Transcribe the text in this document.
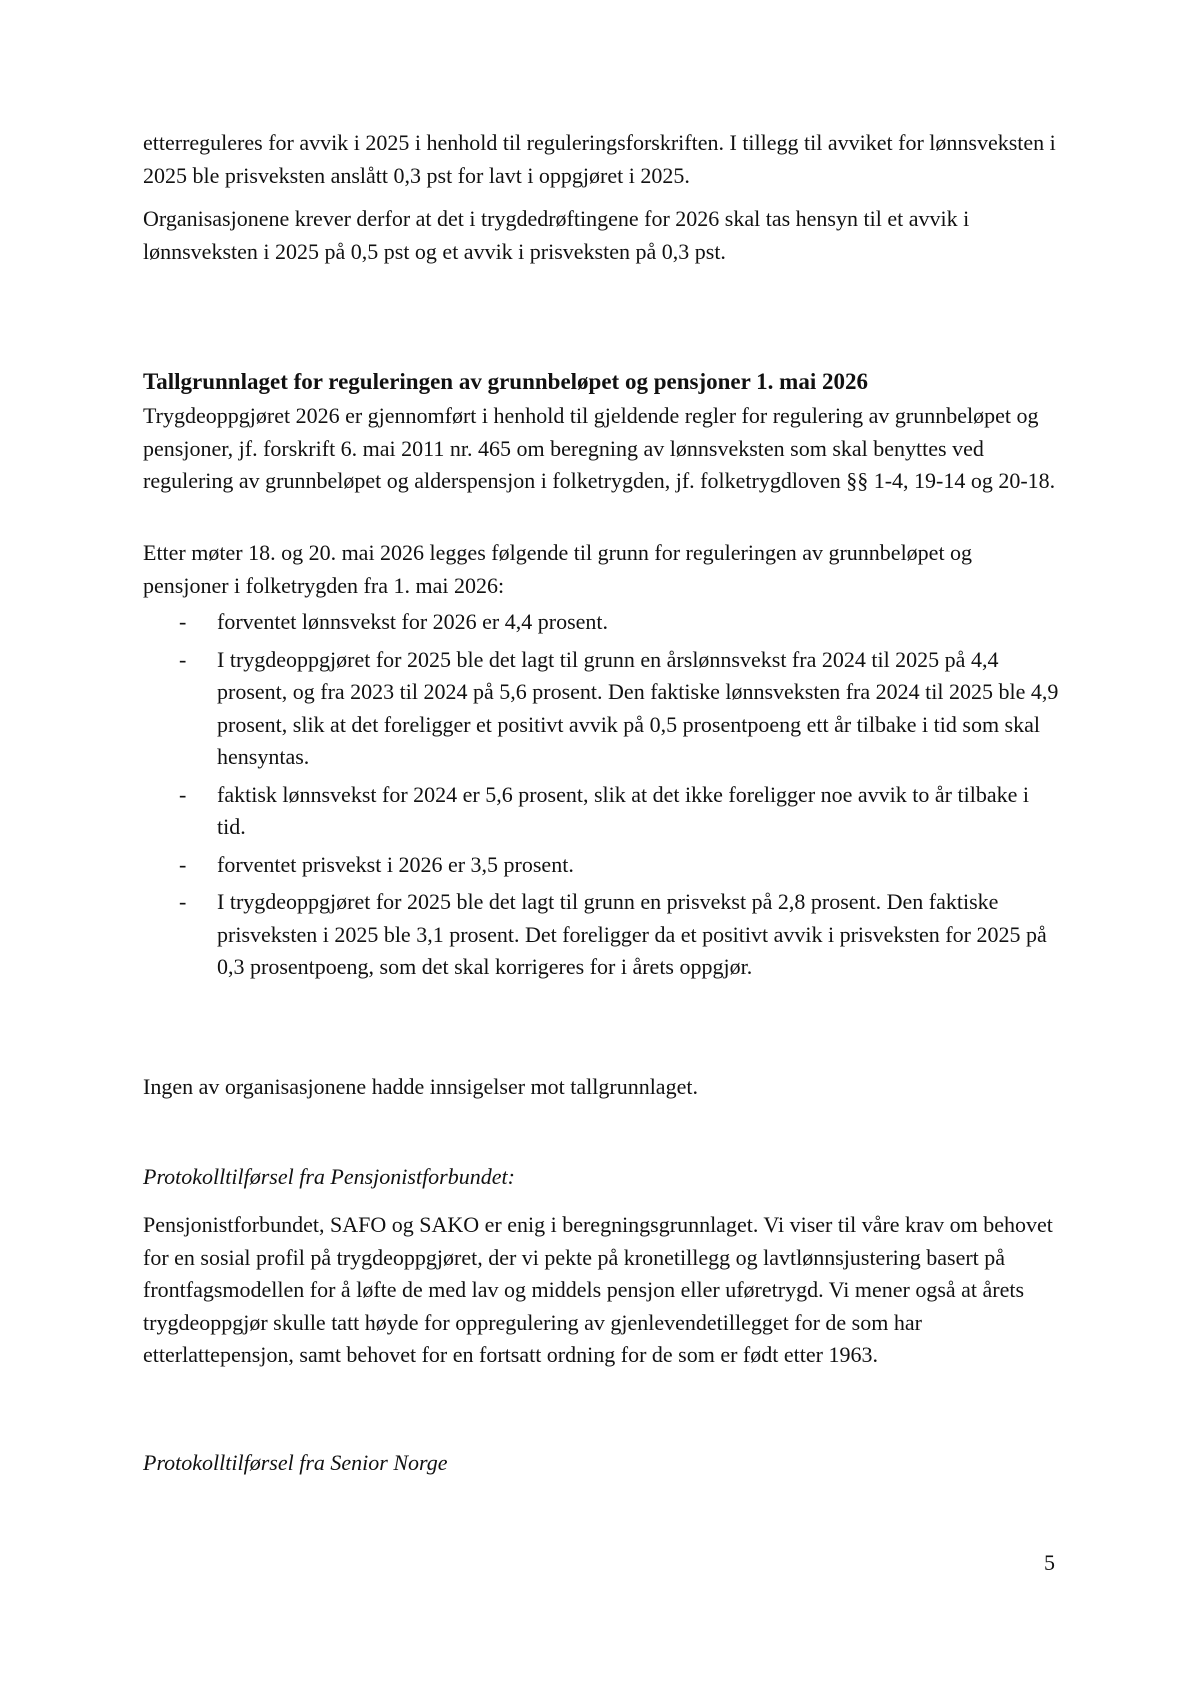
etterreguleres for avvik i 2025 i henhold til reguleringsforskriften. I tillegg til avviket for lønnsveksten i 2025 ble prisveksten anslått 0,3 pst for lavt i oppgjøret i 2025.

Organisasjonene krever derfor at det i trygdedrøftingene for 2026 skal tas hensyn til et avvik i lønnsveksten i 2025 på 0,5 pst og et avvik i prisveksten på 0,3 pst.

Tallgrunnlaget for reguleringen av grunnbeløpet og pensjoner 1. mai 2026

Trygdeoppgjøret 2026 er gjennomført i henhold til gjeldende regler for regulering av grunnbeløpet og pensjoner, jf. forskrift 6. mai 2011 nr. 465 om beregning av lønnsveksten som skal benyttes ved regulering av grunnbeløpet og alderspensjon i folketrygden, jf. folketrygdloven §§ 1-4, 19-14 og 20-18.

Etter møter 18. og 20. mai 2026 legges følgende til grunn for reguleringen av grunnbeløpet og pensjoner i folketrygden fra 1. mai 2026:

- forventet lønnsvekst for 2026 er 4,4 prosent.
- I trygdeoppgjøret for 2025 ble det lagt til grunn en årslønnsvekst fra 2024 til 2025 på 4,4 prosent, og fra 2023 til 2024 på 5,6 prosent. Den faktiske lønnsveksten fra 2024 til 2025 ble 4,9 prosent, slik at det foreligger et positivt avvik på 0,5 prosentpoeng ett år tilbake i tid som skal hensyntas.
- faktisk lønnsvekst for 2024 er 5,6 prosent, slik at det ikke foreligger noe avvik to år tilbake i tid.
- forventet prisvekst i 2026 er 3,5 prosent.
- I trygdeoppgjøret for 2025 ble det lagt til grunn en prisvekst på 2,8 prosent. Den faktiske prisveksten i 2025 ble 3,1 prosent. Det foreligger da et positivt avvik i prisveksten for 2025 på 0,3 prosentpoeng, som det skal korrigeres for i årets oppgjør.

Ingen av organisasjonene hadde innsigelser mot tallgrunnlaget.

Protokolltilførsel fra Pensjonistforbundet:

Pensjonistforbundet, SAFO og SAKO er enig i beregningsgrunnlaget. Vi viser til våre krav om behovet for en sosial profil på trygdeoppgjøret, der vi pekte på kronetillegg og lavtlønnsjustering basert på frontfagsmodellen for å løfte de med lav og middels pensjon eller uføretrygd. Vi mener også at årets trygdeoppgjør skulle tatt høyde for oppregulering av gjenlevendetillegget for de som har etterlattepensjon, samt behovet for en fortsatt ordning for de som er født etter 1963.

Protokolltilførsel fra Senior Norge

5
